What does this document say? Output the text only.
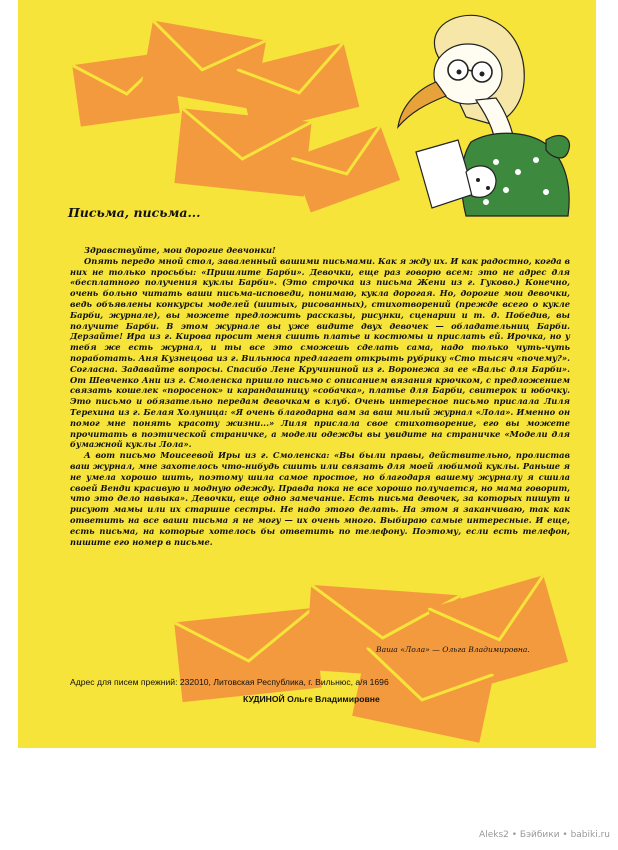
Письма, письма...

Здравствуйте, мои дорогие девчонки!

Опять передо мной стол, заваленный вашими письмами. Как я жду их. И как радостно, когда в них не только просьбы: «Пришлите Барби». Девочки, еще раз говорю всем: это не адрес для «бесплатного получения куклы Барби». (Это строчка из письма Жени из г. Гуково.) Конечно, очень больно читать ваши письма-исповеди, понимаю, кукла дорогая. Но, дорогие мои девочки, ведь объявлены конкурсы моделей (шитых, рисованных), стихотворений (прежде всего о кукле Барби, журнале), вы можете предложить рассказы, рисунки, сценарии и т. д. Победив, вы получите Барби. В этом журнале вы уже видите двух девочек — обладательниц Барби. Дерзайте! Ира из г. Кирова просит меня сшить платье и костюмы и прислать ей. Ирочка, но у тебя же есть журнал, и ты все это сможешь сделать сама, надо только чуть-чуть поработать. Аня Кузнецова из г. Вильнюса предлагает открыть рубрику «Сто тысяч «почему?». Согласна. Задавайте вопросы. Спасибо Лене Кручининой из г. Воронежа за ее «Вальс для Барби». От Шевченко Ани из г. Смоленска пришло письмо с описанием вязания крючком, с предложением связать кошелек «поросенок» и карандашницу «собачка», платье для Барби, свитерок и юбочку. Это письмо и обязательно передам девочкам в клуб. Очень интересное письмо прислала Лиля Терехина из г. Белая Холуница: «Я очень благодарна вам за ваш милый журнал «Лола». Именно он помог мне понять красоту жизни...» Лиля прислала свое стихотворение, его вы можете прочитать в поэтической страничке, а модели одежды вы увидите на страничке «Модели для бумажной куклы Лола».

А вот письмо Моисеевой Иры из г. Смоленска: «Вы были правы, действительно, пролистав ваш журнал, мне захотелось что-нибудь сшить или связать для моей любимой куклы. Раньше я не умела хорошо шить, поэтому шила самое простое, но благодаря вашему журналу я сшила своей Венди красивую и модную одежду. Правда пока не все хорошо получается, но мама говорит, что это дело навыка». Девочки, еще одно замечание. Есть письма девочек, за которых пишут и рисуют мамы или их старшие сестры. Не надо этого делать. На этом я заканчиваю, так как ответить на все ваши письма я не могу — их очень много. Выбираю самые интересные. И еще, есть письма, на которые хотелось бы ответить по телефону. Поэтому, если есть телефон, пишите его номер в письме.

Ваша «Лола» — Ольга Владимировна.
Адрес для писем прежний: 232010, Литовская Республика, г. Вильнюс, а/я 1696
КУДИНОЙ Ольге Владимировне
Aleks2 • Бэйбики • babiki.ru
